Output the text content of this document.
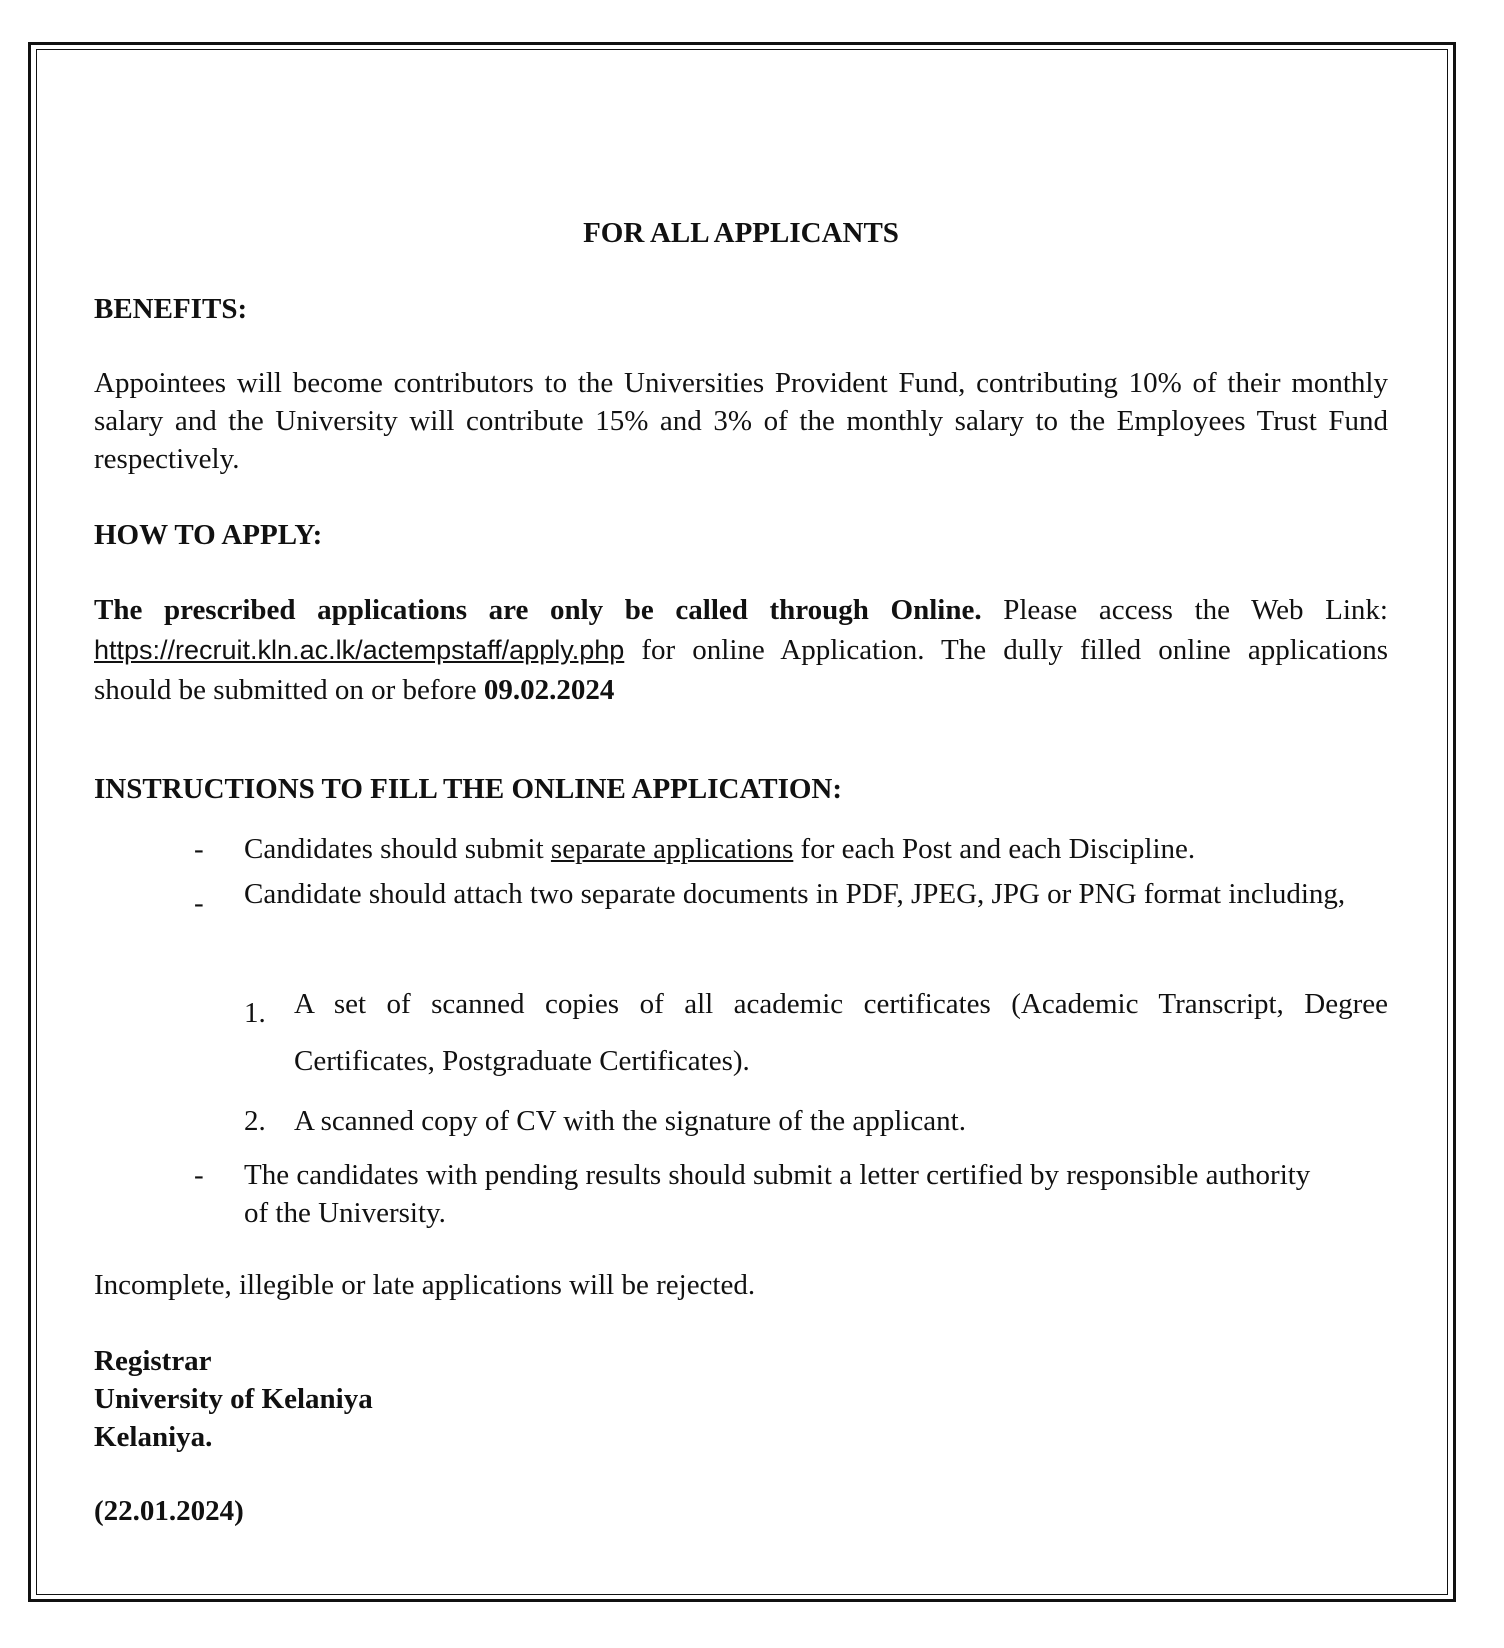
FOR ALL APPLICANTS

BENEFITS:

Appointees will become contributors to the Universities Provident Fund, contributing 10% of their monthly salary and the University will contribute 15% and 3% of the monthly salary to the Employees Trust Fund respectively.

HOW TO APPLY:

The prescribed applications are only be called through Online. Please access the Web Link: https://recruit.kln.ac.lk/actempstaff/apply.php for online Application. The dully filled online applications should be submitted on or before 09.02.2024

INSTRUCTIONS TO FILL THE ONLINE APPLICATION:

- Candidates should submit separate applications for each Post and each Discipline.
- Candidate should attach two separate documents in PDF, JPEG, JPG or PNG format including,
1. A set of scanned copies of all academic certificates (Academic Transcript, Degree Certificates, Postgraduate Certificates).
2. A scanned copy of CV with the signature of the applicant.
- The candidates with pending results should submit a letter certified by responsible authority of the University.

Incomplete, illegible or late applications will be rejected.

Registrar

University of Kelaniya

Kelaniya.

(22.01.2024)
